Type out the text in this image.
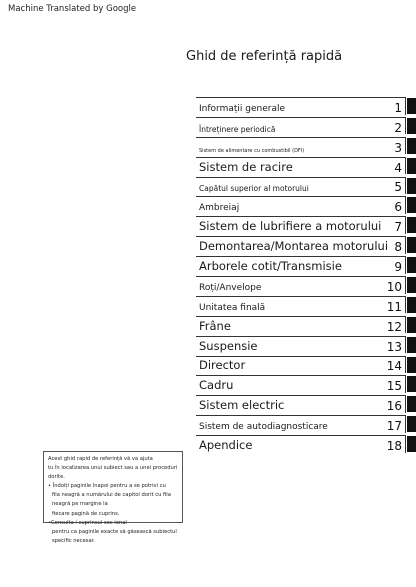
Machine Translated by Google
Ghid de referință rapidă
Informații generale	1
Întreținere periodică	2
Sistem de alimentare cu combustibil (DFI)	3
Sistem de racire	4
Capătul superior al motorului	5
Ambreiaj	6
Sistem de lubrifiere a motorului 7
Demontarea/Montarea motorului 8
Arborele cotit/Transmisie	9
Roți/Anvelope	10
Unitatea finală	11
Frâne	12
Suspensie	13
Director	14
Cadru	15
Sistem electric	16
Sistem de autodiagnosticare	17
Apendice	18

Acest ghid rapid de referință vă va ajuta

tu în localizarea unui subiect sau a unei proceduri

dorite.

• Îndoiți paginile înapoi pentru a se potrivi cu

fila neagră a numărului de capitol dorit cu fila

neagră pe margine la

fiecare pagină de cuprins.

•Consulta i cuprinsul sec ional

pentru ca paginile exacte să găsească subiectul

specific necesar.
